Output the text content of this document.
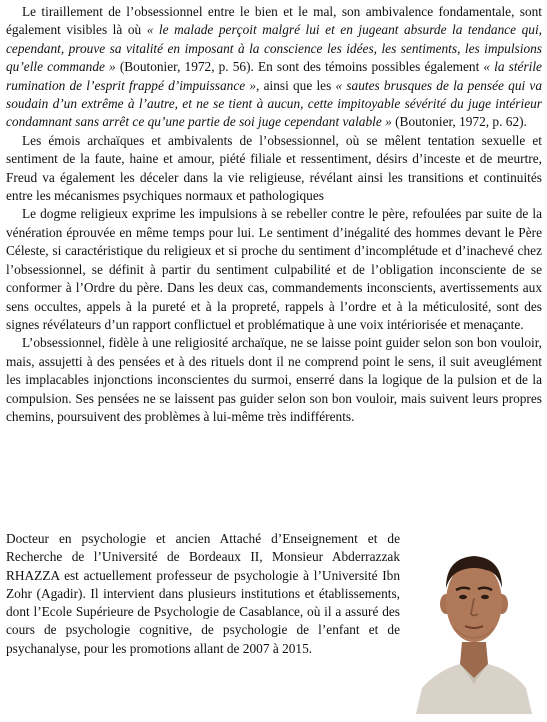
Le tiraillement de l’obsessionnel entre le bien et le mal, son ambivalence fondamentale, sont également visibles là où « le malade perçoit malgré lui et en jugeant absurde la tendance qui, cependant, prouve sa vitalité en imposant à la conscience les idées, les sentiments, les impulsions qu’elle commande » (Boutonier, 1972, p. 56). En sont des témoins possibles également « la stérile rumination de l’esprit frappé d’impuissance », ainsi que les « sautes brusques de la pensée qui va soudain d’un extrême à l’autre, et ne se tient à aucun, cette impitoyable sévérité du juge intérieur condamnant sans arrêt ce qu’une partie de soi juge cependant valable » (Boutonier, 1972, p. 62).

Les émois archaïques et ambivalents de l’obsessionnel, où se mêlent tentation sexuelle et sentiment de la faute, haine et amour, piété filiale et ressentiment, désirs d’inceste et de meurtre, Freud va également les déceler dans la vie religieuse, révélant ainsi les transitions et continuités entre les mécanismes psychiques normaux et pathologiques

Le dogme religieux exprime les impulsions à se rebeller contre le père, refoulées par suite de la vénération éprouvée en même temps pour lui. Le sentiment d’inégalité des hommes devant le Père Céleste, si caractéristique du religieux et si proche du sentiment d’incomplétude et d’inachevé chez l’obsessionnel, se définit à partir du sentiment culpabilité et de l’obligation inconsciente de se conformer à l’Ordre du père. Dans les deux cas, commandements inconscients, avertissements aux sens occultes, appels à la pureté et à la propreté, rappels à l’ordre et à la méticulosité, sont des signes révélateurs d’un rapport conflictuel et problématique à une voix intériorisée et menaçante.

L’obsessionnel, fidèle à une religiosité archaïque, ne se laisse point guider selon son bon vouloir, mais, assujetti à des pensées et à des rituels dont il ne comprend point le sens, il suit aveuglément les implacables injonctions inconscientes du surmoi, enserré dans la logique de la pulsion et de la compulsion. Ses pensées ne se laissent pas guider selon son bon vouloir, mais suivent leurs propres chemins, poursuivent des problèmes à lui-même très indifférents.

Docteur en psychologie et ancien Attaché d’Enseignement et de Recherche de l’Université de Bordeaux II, Monsieur Abderrazzak RHAZZA est actuellement professeur de psychologie à l’Université Ibn Zohr (Agadir). Il intervient dans plusieurs institutions et établissements, dont l’Ecole Supérieure de Psychologie de Casablance, où il a assuré des cours de psychologie cognitive, de psychologie de l’enfant et de psychanalyse, pour les promotions allant de 2007 à 2015.
